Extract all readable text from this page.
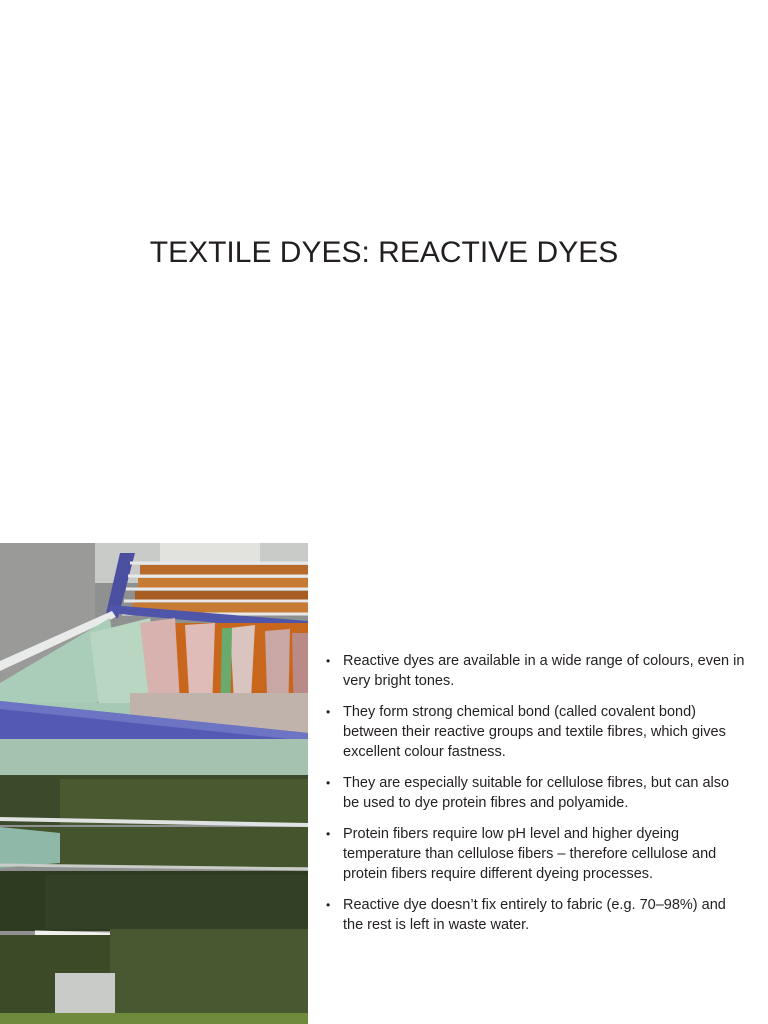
TEXTILE DYES: REACTIVE DYES
• Reactive dyes are available in a wide range of colours, even in very bright tones.
• They form strong chemical bond (called covalent bond) between their reactive groups and textile fibres, which gives excellent colour fastness.
• They are especially suitable for cellulose fibres, but can also be used to dye protein fibres and polyamide.
• Protein fibers require low pH level and higher dyeing temperature than cellulose fibers – therefore cellulose and protein fibers require different dyeing processes.
• Reactive dye doesn’t fix entirely to fabric (e.g. 70–98%) and the rest is left in waste water.
